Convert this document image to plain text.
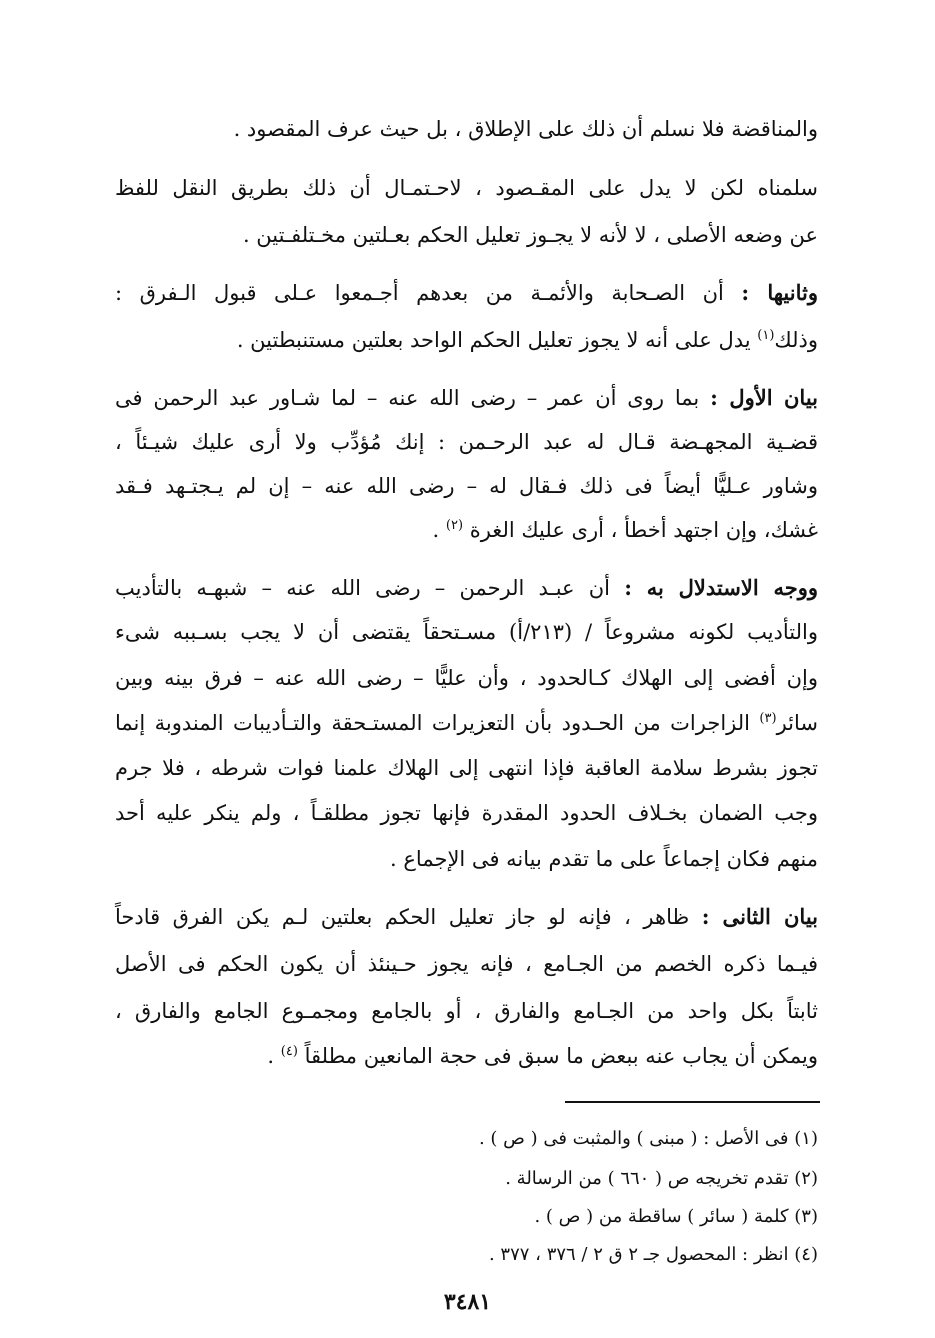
والمناقضة فلا نسلم أن ذلك على الإطلاق ، بل حيث عرف المقصود .
سلمناه لكن لا يدل على المقـصود ، لاحـتمـال أن ذلك بطريق النقل للفظ
عن وضعه الأصلى ، لا لأنه لا يجـوز تعليل الحكم بعـلتين مخـتلفـتين .
وثانيها : أن الصـحابة والأئمـة من بعدهم أجـمعوا عـلى قبول الـفرق :
وذلك$^{(١)}$ يدل على أنه لا يجوز تعليل الحكم الواحد بعلتين مستنبطتين .
بيان الأول : بما روى أن عمر – رضى الله عنه – لما شـاور عبد الرحمن فى
قضـية المجهـضة قـال له عبد الرحـمن : إنك مُؤدِّب ولا أرى عليك شيـئاً ،
وشاور عـليًّا أيضاً فى ذلك فـقال له – رضى الله عنه – إن لم يـجتـهد فـقد
غشك، وإن اجتهد أخطأ ، أرى عليك الغرة $^{(٢)}$ .
ووجه الاستدلال به : أن عبـد الرحمن – رضى الله عنه – شبهـه بالتأديب
والتأديب لكونه مشروعاً / (٢١٣/أ) مسـتحقاً يقتضى أن لا يجب بسـببه شىء
وإن أفضى إلى الهلاك كـالحدود ، وأن عليًّا – رضى الله عنه – فرق بينه وبين
سائر$^{(٣)}$ الزاجرات من الحـدود بأن التعزيرات المستـحقة والتـأديبات المندوبة إنما
تجوز بشرط سلامة العاقبة فإذا انتهى إلى الهلاك علمنا فوات شرطه ، فلا جرم
وجب الضمان بخـلاف الحدود المقدرة فإنها تجوز مطلقـاً ، ولم ينكر عليه أحد
منهم فكان إجماعاً على ما تقدم بيانه فى الإجماع .
بيان الثانى : ظاهر ، فإنه لو جاز تعليل الحكم بعلتين لـم يكن الفرق قادحاً
فيـما ذكره الخصم من الجـامع ، فإنه يجوز حـينئذ أن يكون الحكم فى الأصل
ثابتاً بكل واحد من الجـامع والفارق ، أو بالجامع ومجمـوع الجامع والفارق ،
ويمكن أن يجاب عنه ببعض ما سبق فى حجة المانعين مطلقاً $^{(٤)}$ .
(١) فى الأصل : ( مبنى ) والمثبت فى ( ص ) .
(٢) تقدم تخريجه ص ( ٦٦٠ ) من الرسالة .
(٣) كلمة ( سائر ) ساقطة من ( ص ) .
(٤) انظر : المحصول جـ ٢ ق ٢ / ٣٧٦ ، ٣٧٧ .
٣٤٨١
